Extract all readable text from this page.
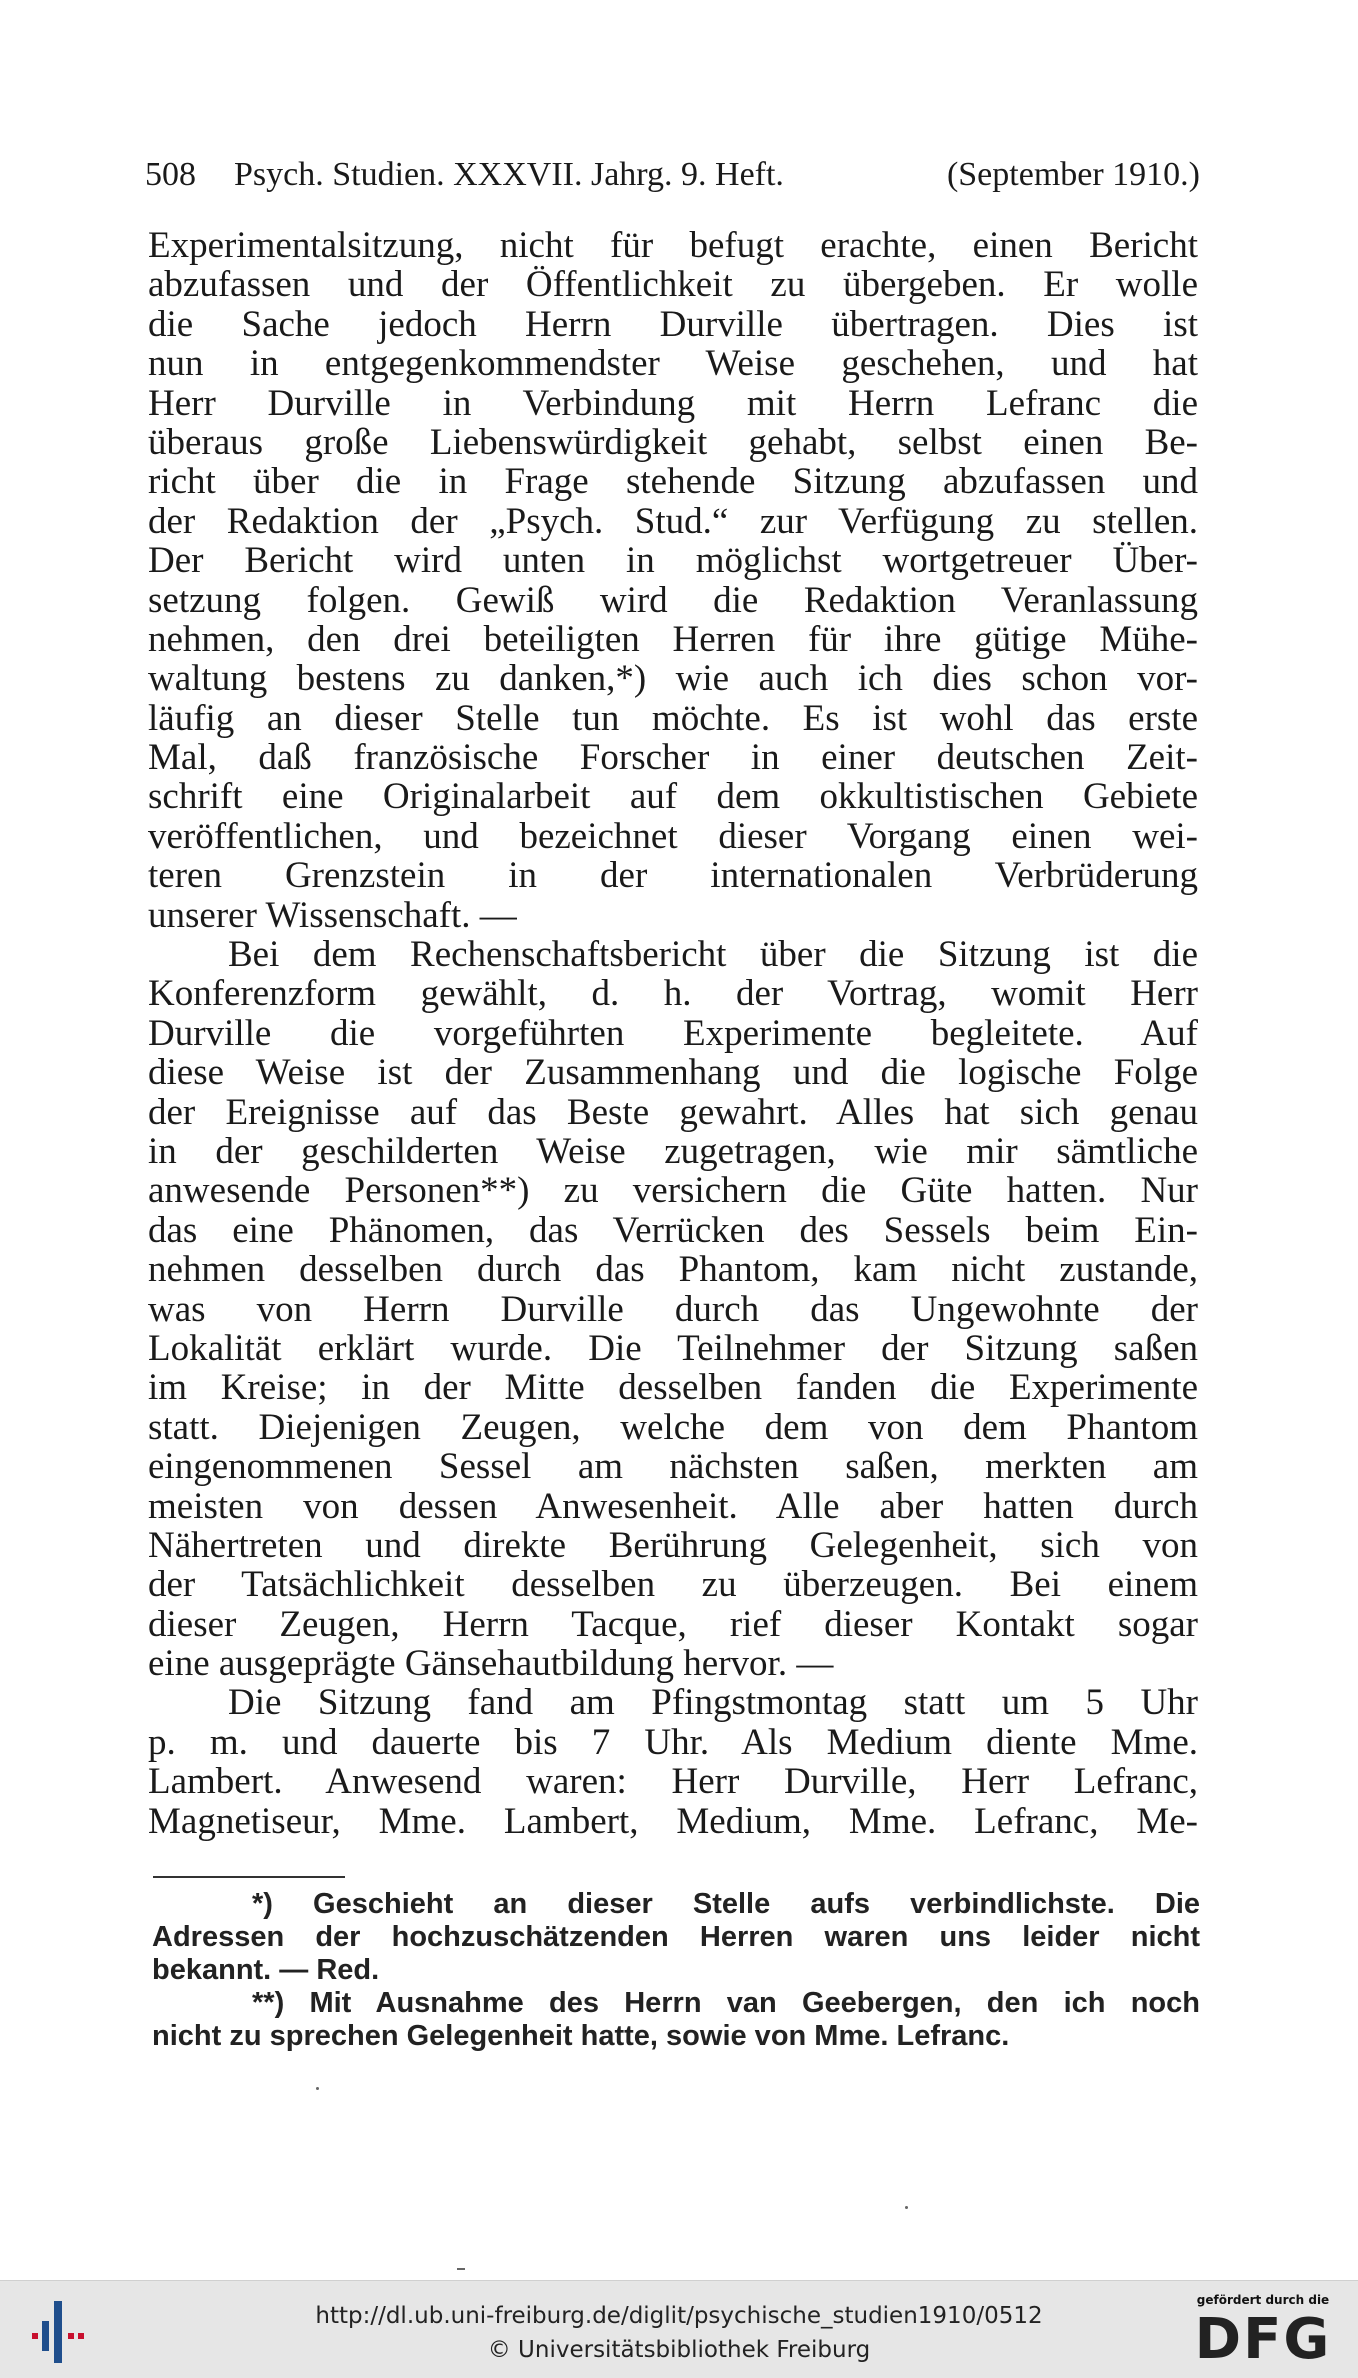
508 Psych. Studien. XXXVII. Jahrg. 9. Heft.	(September 1910.)
Experimentalsitzung, nicht für befugt erachte, einen Bericht
abzufassen und der Öffentlichkeit zu übergeben. Er wolle
die Sache jedoch Herrn Durville übertragen. Dies ist
nun in entgegenkommendster Weise geschehen, und hat
Herr Durville in Verbindung mit Herrn Lefranc die
überaus große Liebenswürdigkeit gehabt, selbst einen Be-
richt über die in Frage stehende Sitzung abzufassen und
der Redaktion der „Psych. Stud.“ zur Verfügung zu stellen.
Der Bericht wird unten in möglichst wortgetreuer Über-
setzung folgen. Gewiß wird die Redaktion Veranlassung
nehmen, den drei beteiligten Herren für ihre gütige Mühe-
waltung bestens zu danken,*) wie auch ich dies schon vor-
läufig an dieser Stelle tun möchte. Es ist wohl das erste
Mal, daß französische Forscher in einer deutschen Zeit-
schrift eine Originalarbeit auf dem okkultistischen Gebiete
veröffentlichen, und bezeichnet dieser Vorgang einen wei-
teren Grenzstein in der internationalen Verbrüderung
unserer Wissenschaft. —
Bei dem Rechenschaftsbericht über die Sitzung ist die
Konferenzform gewählt, d. h. der Vortrag, womit Herr
Durville die vorgeführten Experimente begleitete. Auf
diese Weise ist der Zusammenhang und die logische Folge
der Ereignisse auf das Beste gewahrt. Alles hat sich genau
in der geschilderten Weise zugetragen, wie mir sämtliche
anwesende Personen**) zu versichern die Güte hatten. Nur
das eine Phänomen, das Verrücken des Sessels beim Ein-
nehmen desselben durch das Phantom, kam nicht zustande,
was von Herrn Durville durch das Ungewohnte der
Lokalität erklärt wurde. Die Teilnehmer der Sitzung saßen
im Kreise; in der Mitte desselben fanden die Experimente
statt. Diejenigen Zeugen, welche dem von dem Phantom
eingenommenen Sessel am nächsten saßen, merkten am
meisten von dessen Anwesenheit. Alle aber hatten durch
Nähertreten und direkte Berührung Gelegenheit, sich von
der Tatsächlichkeit desselben zu überzeugen. Bei einem
dieser Zeugen, Herrn Tacque, rief dieser Kontakt sogar
eine ausgeprägte Gänsehautbildung hervor. —
Die Sitzung fand am Pfingstmontag statt um 5 Uhr
p. m. und dauerte bis 7 Uhr. Als Medium diente Mme.
Lambert. Anwesend waren: Herr Durville, Herr Lefranc,
Magnetiseur, Mme. Lambert, Medium, Mme. Lefranc, Me-
*) Geschieht an dieser Stelle aufs verbindlichste. Die
Adressen der hochzuschätzenden Herren waren uns leider nicht
bekannt. — Red.
**) Mit Ausnahme des Herrn van Geebergen, den ich noch
nicht zu sprechen Gelegenheit hatte, sowie von Mme. Lefranc.
http://dl.ub.uni-freiburg.de/diglit/psychische_studien1910/0512
© Universitätsbibliothek Freiburg
gefördert durch die
DFG
